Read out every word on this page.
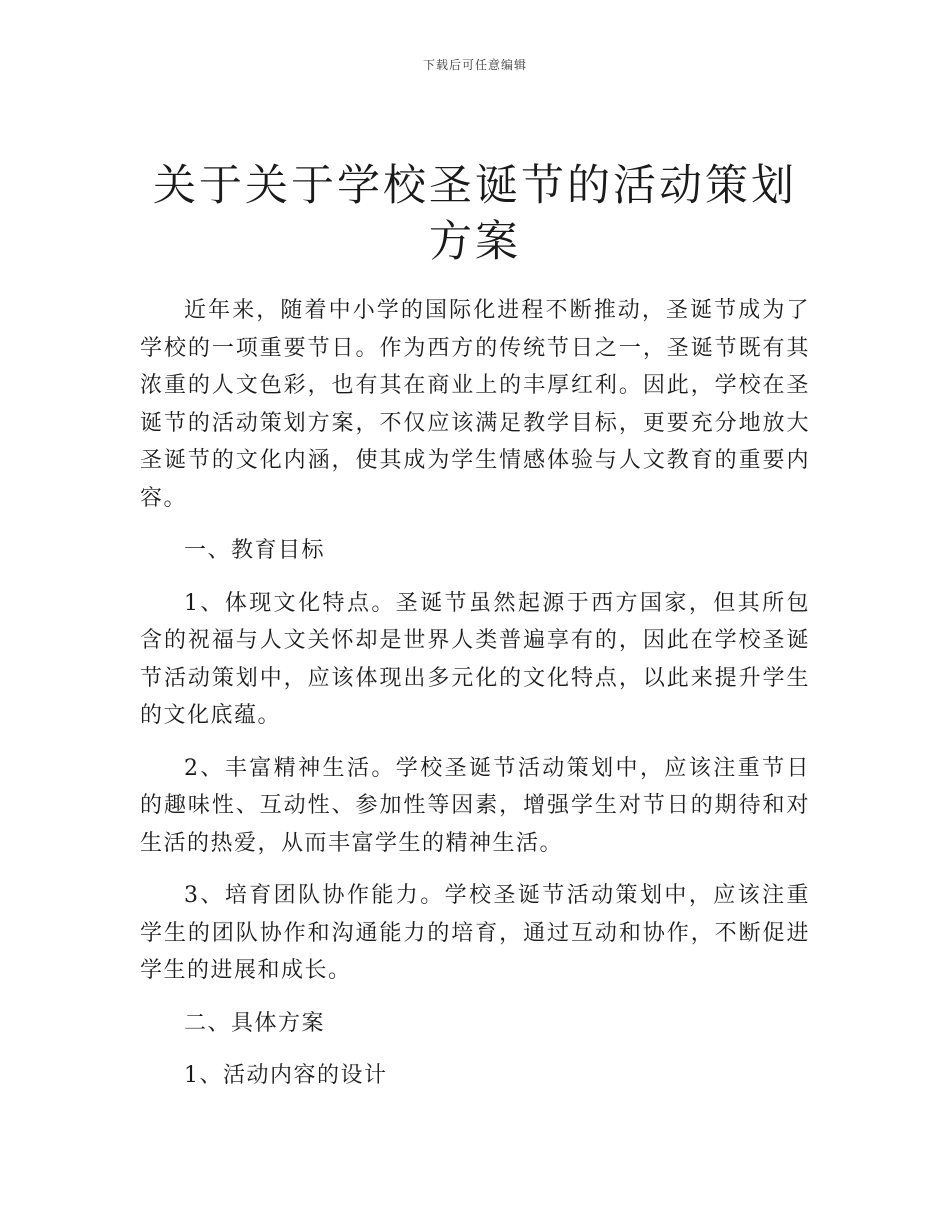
下载后可任意编辑
关于关于学校圣诞节的活动策划方案

近年来，随着中小学的国际化进程不断推动，圣诞节成为了学校的一项重要节日。作为西方的传统节日之一，圣诞节既有其浓重的人文色彩，也有其在商业上的丰厚红利。因此，学校在圣诞节的活动策划方案，不仅应该满足教学目标，更要充分地放大圣诞节的文化内涵，使其成为学生情感体验与人文教育的重要内容。

一、教育目标

1、体现文化特点。圣诞节虽然起源于西方国家，但其所包含的祝福与人文关怀却是世界人类普遍享有的，因此在学校圣诞节活动策划中，应该体现出多元化的文化特点，以此来提升学生的文化底蕴。

2、丰富精神生活。学校圣诞节活动策划中，应该注重节日的趣味性、互动性、参加性等因素，增强学生对节日的期待和对生活的热爱，从而丰富学生的精神生活。

3、培育团队协作能力。学校圣诞节活动策划中，应该注重学生的团队协作和沟通能力的培育，通过互动和协作，不断促进学生的进展和成长。

二、具体方案

1、活动内容的设计
